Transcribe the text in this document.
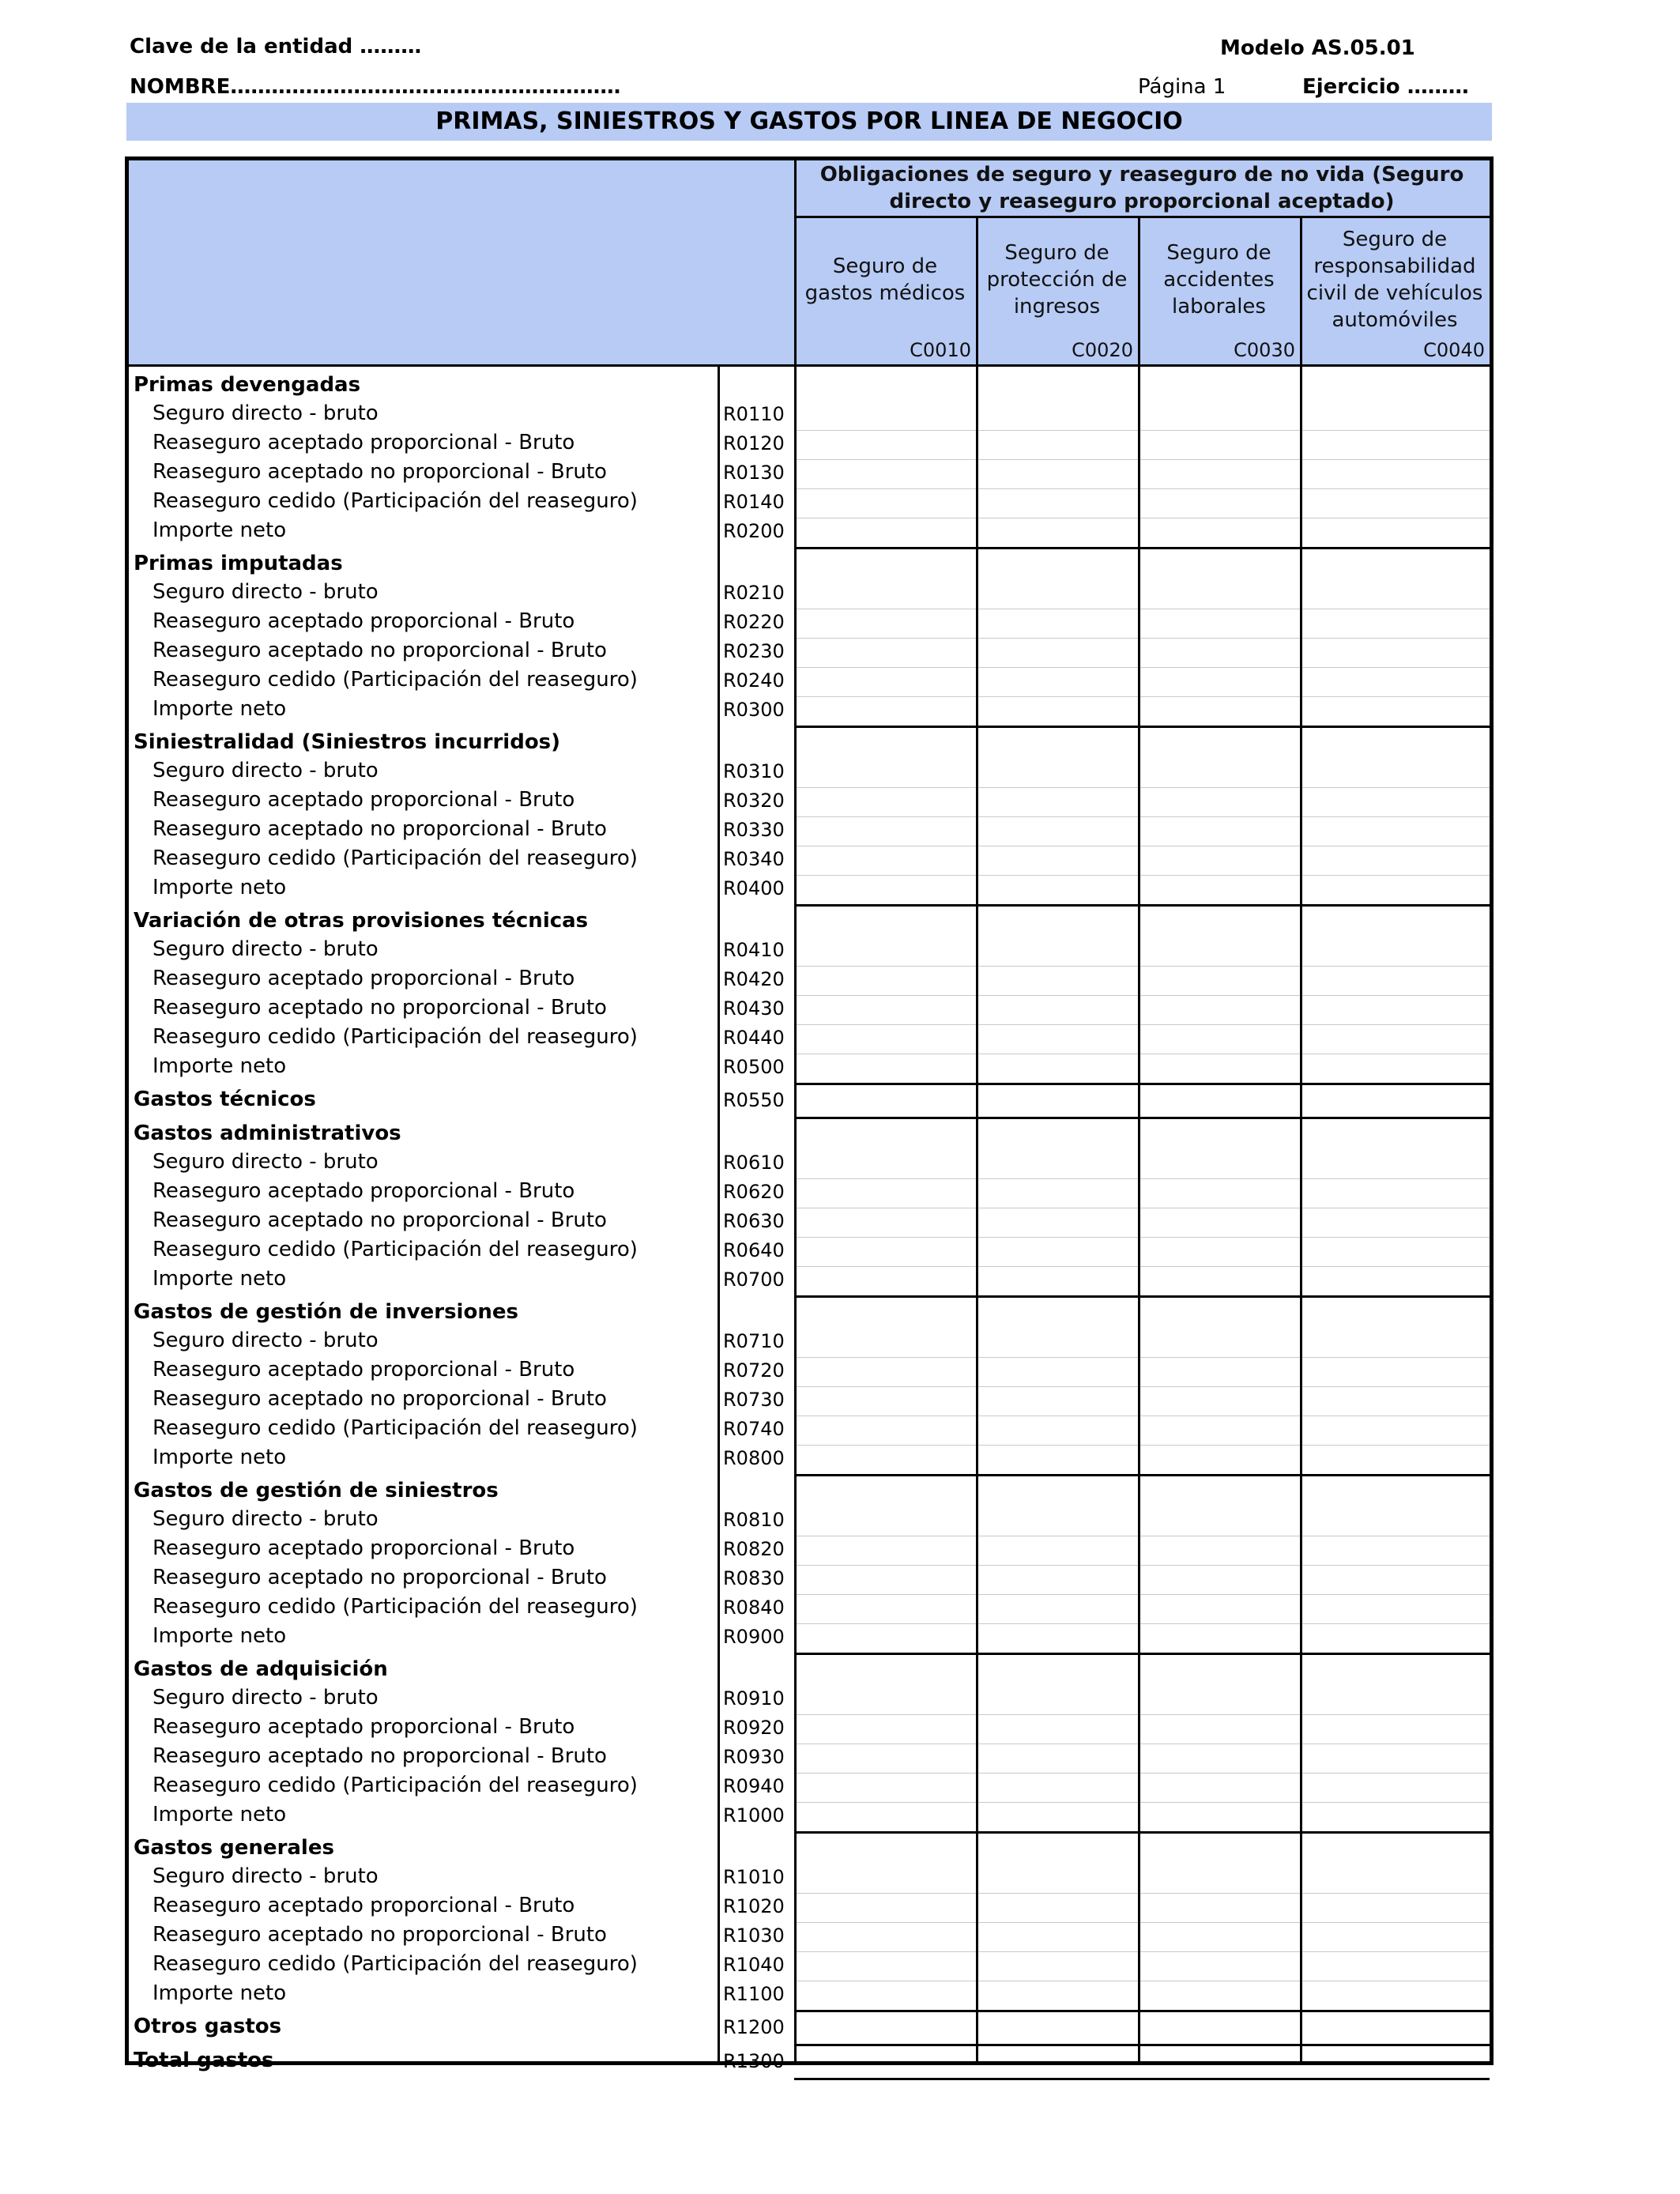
Clave de la entidad ………	Modelo AS.05.01
NOMBRE…………………………………………………	Página 1	Ejercicio ………
PRIMAS, SINIESTROS Y GASTOS POR LINEA DE NEGOCIO
Obligaciones de seguro y reaseguro de no vida (Seguro directo y reaseguro proporcional aceptado)
Seguro de gastos médicos
C0010
Seguro de protección de ingresos
C0020
Seguro de accidentes laborales
C0030
Seguro de responsabilidad civil de vehículos automóviles
C0040
Primas devengadas
Seguro directo - bruto	R0110
Reaseguro aceptado proporcional - Bruto	R0120
Reaseguro aceptado no proporcional - Bruto	R0130
Reaseguro cedido (Participación del reaseguro)	R0140
Importe neto	R0200
Primas imputadas
Seguro directo - bruto	R0210
Reaseguro aceptado proporcional - Bruto	R0220
Reaseguro aceptado no proporcional - Bruto	R0230
Reaseguro cedido (Participación del reaseguro)	R0240
Importe neto	R0300
Siniestralidad (Siniestros incurridos)
Seguro directo - bruto	R0310
Reaseguro aceptado proporcional - Bruto	R0320
Reaseguro aceptado no proporcional - Bruto	R0330
Reaseguro cedido (Participación del reaseguro)	R0340
Importe neto	R0400
Variación de otras provisiones técnicas
Seguro directo - bruto	R0410
Reaseguro aceptado proporcional - Bruto	R0420
Reaseguro aceptado no proporcional - Bruto	R0430
Reaseguro cedido (Participación del reaseguro)	R0440
Importe neto	R0500
Gastos técnicos	R0550
Gastos administrativos
Seguro directo - bruto	R0610
Reaseguro aceptado proporcional - Bruto	R0620
Reaseguro aceptado no proporcional - Bruto	R0630
Reaseguro cedido (Participación del reaseguro)	R0640
Importe neto	R0700
Gastos de gestión de inversiones
Seguro directo - bruto	R0710
Reaseguro aceptado proporcional - Bruto	R0720
Reaseguro aceptado no proporcional - Bruto	R0730
Reaseguro cedido (Participación del reaseguro)	R0740
Importe neto	R0800
Gastos de gestión de siniestros
Seguro directo - bruto	R0810
Reaseguro aceptado proporcional - Bruto	R0820
Reaseguro aceptado no proporcional - Bruto	R0830
Reaseguro cedido (Participación del reaseguro)	R0840
Importe neto	R0900
Gastos de adquisición
Seguro directo - bruto	R0910
Reaseguro aceptado proporcional - Bruto	R0920
Reaseguro aceptado no proporcional - Bruto	R0930
Reaseguro cedido (Participación del reaseguro)	R0940
Importe neto	R1000
Gastos generales
Seguro directo - bruto	R1010
Reaseguro aceptado proporcional - Bruto	R1020
Reaseguro aceptado no proporcional - Bruto	R1030
Reaseguro cedido (Participación del reaseguro)	R1040
Importe neto	R1100
Otros gastos	R1200
Total gastos	R1300
